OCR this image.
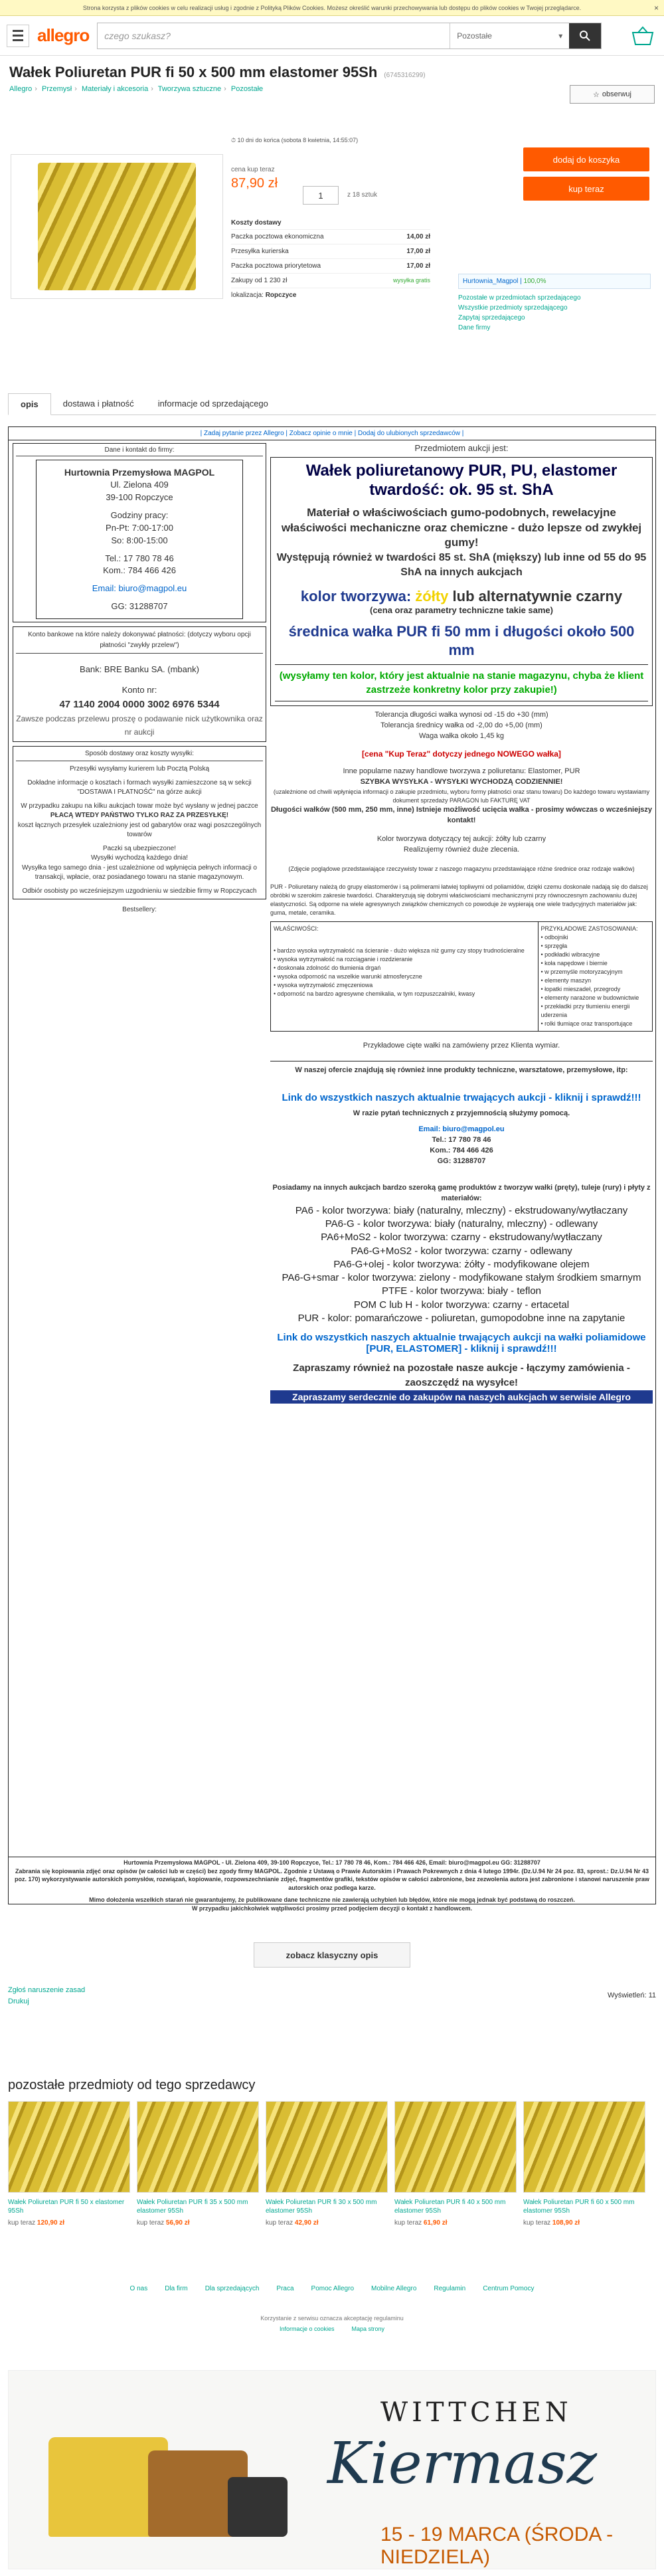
Strona korzysta z plików cookies w celu realizacji usług i zgodnie z Polityką Plików Cookies. Możesz określić warunki przechowywania lub dostępu do plików cookies w Twojej przeglądarce.	×
allegro	czego szukasz?	Pozostałe	▾
Wałek Poliuretan PUR fi 50 x 500 mm elastomer 95Sh (6745316299)
☆ obserwuj
Allegro › Przemysł › Materiały i akcesoria › Tworzywa sztuczne › Pozostałe
⏱ 10 dni do końca (sobota 8 kwietnia, 14:55:07)
cena kup teraz
87,90 zł
1	z 18 sztuk
dodaj do koszyka
kup teraz
Koszty dostawy
Paczka pocztowa ekonomiczna	14,00 zł
Przesyłka kurierska	17,00 zł
Paczka pocztowa priorytetowa	17,00 zł
Zakupy od 1 230 zł	wysyłka gratis
lokalizacja: Ropczyce
Hurtownia_Magpol | 100,0%
Pozostałe w przedmiotach sprzedającego
Wszystkie przedmioty sprzedającego
Zapytaj sprzedającego
Dane firmy
opis	dostawa i płatność	informacje od sprzedającego
| Zadaj pytanie przez Allegro | Zobacz opinie o mnie | Dodaj do ulubionych sprzedawców |
Dane i kontakt do firmy:
Hurtownia Przemysłowa MAGPOL
Ul. Zielona 409
39-100 Ropczyce
Godziny pracy:
Pn-Pt: 7:00-17:00
So: 8:00-15:00
Tel.: 17 780 78 46
Kom.: 784 466 426
Email: biuro@magpol.eu
GG: 31288707
Konto bankowe na które należy dokonywać płatności: (dotyczy wyboru opcji płatności "zwykły przelew")
Bank: BRE Banku SA. (mbank)
Konto nr:
47 1140 2004 0000 3002 6976 5344
Zawsze podczas przelewu proszę o podawanie nick użytkownika oraz nr aukcji
Sposób dostawy oraz koszty wysyłki:
Przesyłki wysyłamy kurierem lub Pocztą Polską
Dokładne informacje o kosztach i formach wysyłki zamieszczone są w sekcji "DOSTAWA I PŁATNOŚĆ" na górze aukcji
W przypadku zakupu na kilku aukcjach towar może być wysłany w jednej paczce
PŁACĄ WTEDY PAŃSTWO TYLKO RAZ ZA PRZESYŁKĘ!
koszt łącznych przesyłek uzależniony jest od gabarytów oraz wagi poszczególnych towarów
Paczki są ubezpieczone!
Wysyłki wychodzą każdego dnia!
Wysyłka tego samego dnia - jest uzależnione od wpłynięcia pełnych informacji o transakcji, wpłacie, oraz posiadanego towaru na stanie magazynowym.
Odbiór osobisty po wcześniejszym uzgodnieniu w siedzibie firmy w Ropczycach
Bestsellery:
Przedmiotem aukcji jest:
Wałek poliuretanowy PUR, PU, elastomer twardość: ok. 95 st. ShA
Materiał o właściwościach gumo-podobnych, rewelacyjne właściwości mechaniczne oraz chemiczne - dużo lepsze od zwykłej gumy!
Występują również w twardości 85 st. ShA (miększy) lub inne od 55 do 95 ShA na innych aukcjach
kolor tworzywa: żółty lub alternatywnie czarny
(cena oraz parametry techniczne takie same)
średnica wałka PUR fi 50 mm i długości około 500 mm
(wysyłamy ten kolor, który jest aktualnie na stanie magazynu, chyba że klient zastrzeże konkretny kolor przy zakupie!)
Tolerancja długości wałka wynosi od -15 do +30 (mm)
Tolerancja średnicy wałka od -2,00 do +5,00 (mm)
Waga wałka około 1,45 kg
[cena "Kup Teraz" dotyczy jednego NOWEGO wałka]
Inne popularne nazwy handlowe tworzywa z poliuretanu: Elastomer, PUR
SZYBKA WYSYŁKA - WYSYŁKI WYCHODZĄ CODZIENNIE!
(uzależnione od chwili wpłynięcia informacji o zakupie przedmiotu, wyboru formy płatności oraz stanu towaru) Do każdego towaru wystawiamy dokument sprzedaży PARAGON lub FAKTURĘ VAT
Długości wałków (500 mm, 250 mm, inne) Istnieje możliwość ucięcia wałka - prosimy wówczas o wcześniejszy kontakt!
Kolor tworzywa dotyczący tej aukcji: żółty lub czarny
Realizujemy również duże zlecenia.
(Zdjęcie poglądowe przedstawiające rzeczywisty towar z naszego magazynu przedstawiające różne średnice oraz rodzaje wałków)
PUR - Poliuretany należą do grupy elastomerów i są polimerami łatwiej topliwymi od poliamidów, dzięki czemu doskonale nadają się do dalszej obróbki w szerokim zakresie twardości. Charakteryzują się dobrymi właściwościami mechanicznymi przy równoczesnym zachowaniu dużej elastyczności. Są odporne na wiele agresywnych związków chemicznych co powoduje że wypierają one wiele tradycyjnych materiałów jak: guma, metale, ceramika.
WŁAŚCIWOŚCI:
• bardzo wysoka wytrzymałość na ścieranie - dużo większa niż gumy czy stopy trudnościeralne
• wysoka wytrzymałość na rozciąganie i rozdzieranie
• doskonała zdolność do tłumienia drgań
• wysoka odporność na wszelkie warunki atmosferyczne
• wysoka wytrzymałość zmęczeniowa
• odporność na bardzo agresywne chemikalia, w tym rozpuszczalniki, kwasy

PRZYKŁADOWE ZASTOSOWANIA:
• odbojniki
• sprzęgła
• podkładki wibracyjne
• koła napędowe i biernie
• w przemyśle motoryzacyjnym
• elementy maszyn
• łopatki mieszadeł, przegrody
• elementy narażone w budownictwie
• przekładki przy tłumieniu energii uderzenia
• rolki tłumiące oraz transportujące
Przykładowe cięte wałki na zamówieny przez Klienta wymiar.
W naszej ofercie znajdują się również inne produkty techniczne, warsztatowe, przemysłowe, itp:
Link do wszystkich naszych aktualnie trwających aukcji - kliknij i sprawdź!!!
W razie pytań technicznych z przyjemnością służymy pomocą.
Email: biuro@magpol.eu
Tel.: 17 780 78 46
Kom.: 784 466 426
GG: 31288707
Posiadamy na innych aukcjach bardzo szeroką gamę produktów z tworzyw wałki (pręty), tuleje (rury) i płyty z materiałów:
PA6 - kolor tworzywa: biały (naturalny, mleczny) - ekstrudowany/wytłaczany
PA6-G - kolor tworzywa: biały (naturalny, mleczny) - odlewany
PA6+MoS2 - kolor tworzywa: czarny - ekstrudowany/wytłaczany
PA6-G+MoS2 - kolor tworzywa: czarny - odlewany
PA6-G+olej - kolor tworzywa: żółty - modyfikowane olejem
PA6-G+smar - kolor tworzywa: zielony - modyfikowane stałym środkiem smarnym
PTFE - kolor tworzywa: biały - teflon
POM C lub H - kolor tworzywa: czarny - ertacetal
PUR - kolor: pomarańczowe - poliuretan, gumopodobne inne na zapytanie
Link do wszystkich naszych aktualnie trwających aukcji na wałki poliamidowe [PUR, ELASTOMER] - kliknij i sprawdź!!!
Zapraszamy również na pozostałe nasze aukcje - łączymy zamówienia - zaoszczędź na wysyłce!
Zapraszamy serdecznie do zakupów na naszych aukcjach w serwisie Allegro
Hurtownia Przemysłowa MAGPOL - Ul. Zielona 409, 39-100 Ropczyce, Tel.: 17 780 78 46, Kom.: 784 466 426, Email: biuro@magpol.eu GG: 31288707
Zabrania się kopiowania zdjęć oraz opisów (w całości lub w części) bez zgody firmy MAGPOL. Zgodnie z Ustawą o Prawie Autorskim i Prawach Pokrewnych z dnia 4 lutego 1994r. (Dz.U.94 Nr 24 poz. 83, sprost.: Dz.U.94 Nr 43 poz. 170) wykorzystywanie autorskich pomysłów, rozwiązań, kopiowanie, rozpowszechnianie zdjęć, fragmentów grafiki, tekstów opisów w całości zabronione, bez zezwolenia autora jest zabronione i stanowi naruszenie praw autorskich oraz podlega karze.
Mimo dołożenia wszelkich starań nie gwarantujemy, że publikowane dane techniczne nie zawierają uchybień lub błędów, które nie mogą jednak być podstawą do roszczeń.
W przypadku jakichkolwiek wątpliwości prosimy przed podjęciem decyzji o kontakt z handlowcem.
zobacz klasyczny opis
Zgłoś naruszenie zasad
Drukuj
Wyświetleń: 11
pozostałe przedmioty od tego sprzedawcy
Wałek Poliuretan PUR fi 50 x elastomer 95Sh
kup teraz 120,90 zł
Wałek Poliuretan PUR fi 35 x 500 mm elastomer 95Sh
kup teraz 56,90 zł
Wałek Poliuretan PUR fi 30 x 500 mm elastomer 95Sh
kup teraz 42,90 zł
Wałek Poliuretan PUR fi 40 x 500 mm elastomer 95Sh
kup teraz 61,90 zł
Wałek Poliuretan PUR fi 60 x 500 mm elastomer 95Sh
kup teraz 108,90 zł
O nas	Dla firm	Dla sprzedających	Praca	Pomoc Allegro	Mobilne Allegro	Regulamin	Centrum Pomocy
Korzystanie z serwisu oznacza akceptację regulaminu
Informacje o cookies	Mapa strony
WITTCHEN
Kiermasz
15 - 19 MARCA (ŚRODA - NIEDZIELA)
